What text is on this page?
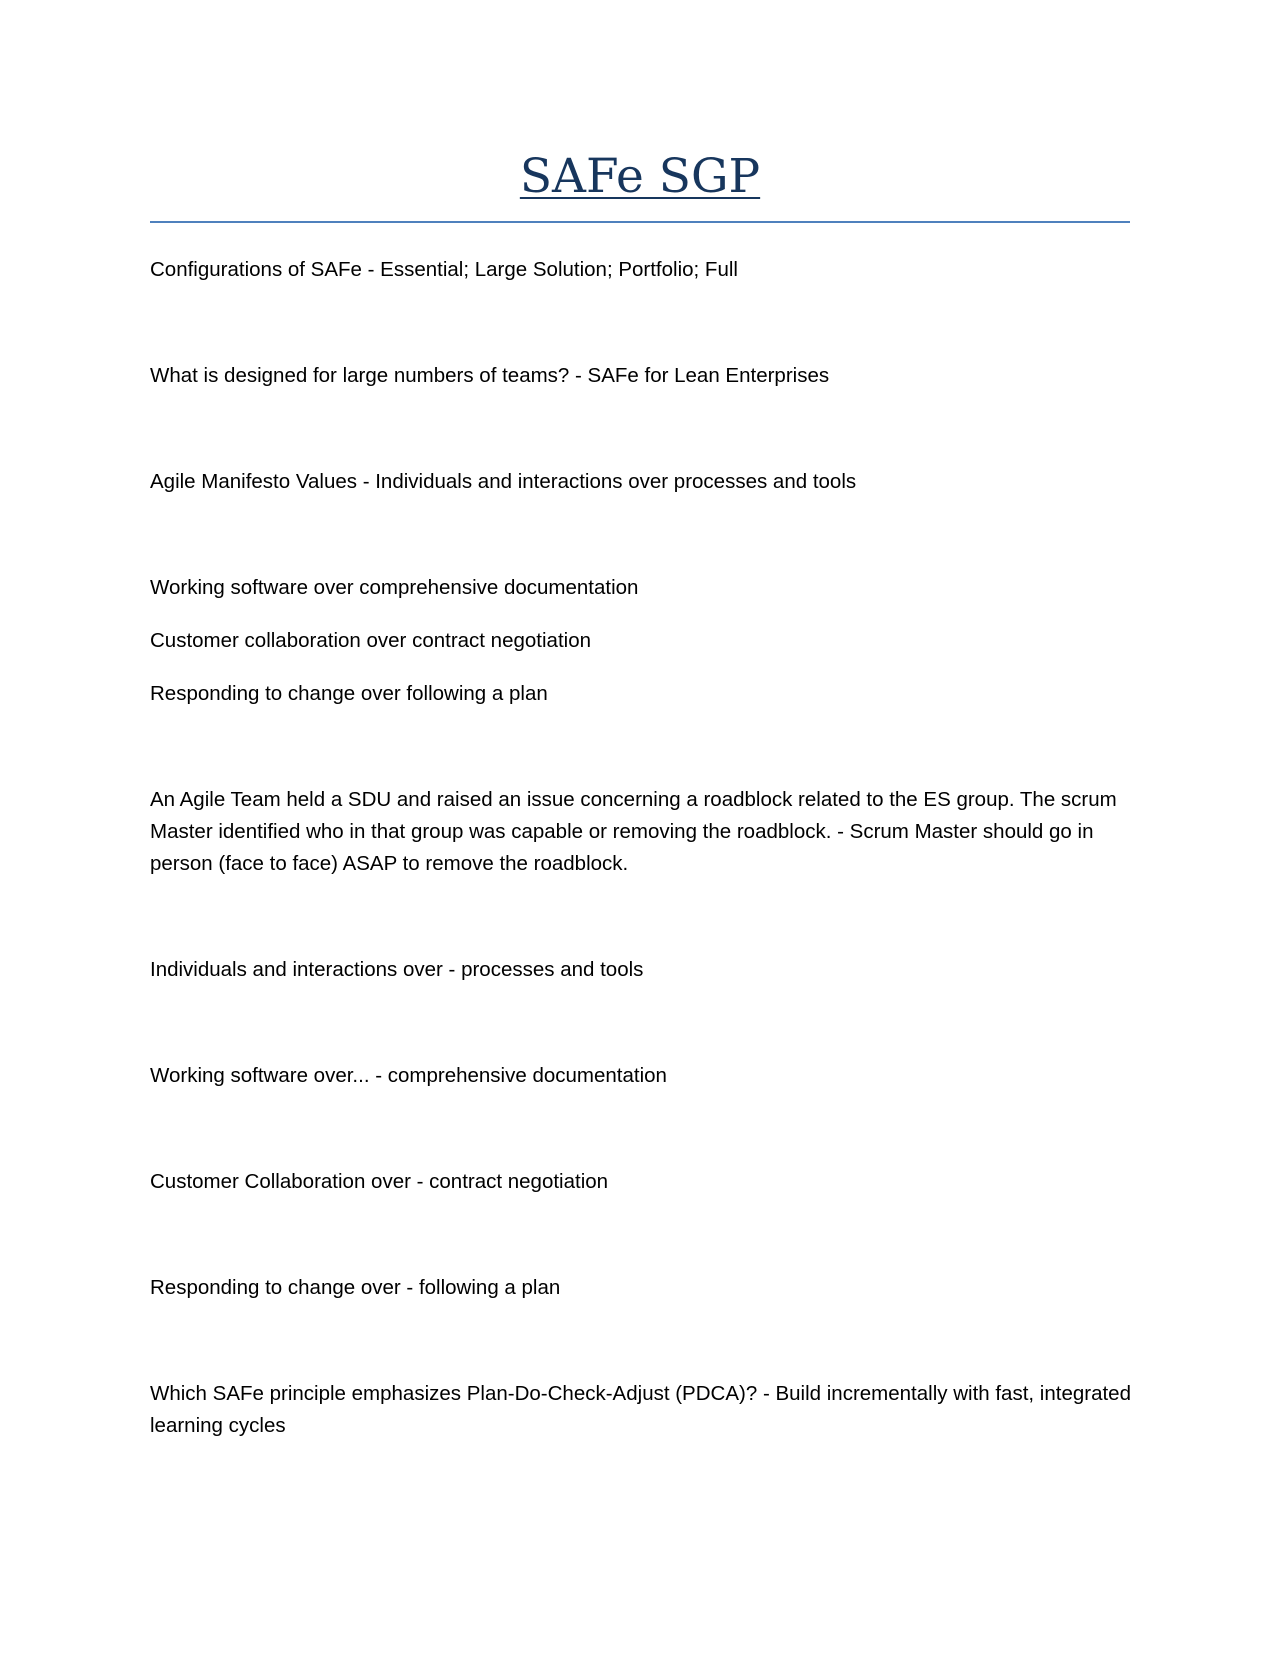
SAFe SGP

Configurations of SAFe - Essential; Large Solution; Portfolio; Full

What is designed for large numbers of teams? - SAFe for Lean Enterprises

Agile Manifesto Values - Individuals and interactions over processes and tools

Working software over comprehensive documentation

Customer collaboration over contract negotiation

Responding to change over following a plan

An Agile Team held a SDU and raised an issue concerning a roadblock related to the ES group. The scrum Master identified who in that group was capable or removing the roadblock. - Scrum Master should go in person (face to face) ASAP to remove the roadblock.

Individuals and interactions over - processes and tools

Working software over... - comprehensive documentation

Customer Collaboration over - contract negotiation

Responding to change over - following a plan

Which SAFe principle emphasizes Plan-Do-Check-Adjust (PDCA)? - Build incrementally with fast, integrated learning cycles
